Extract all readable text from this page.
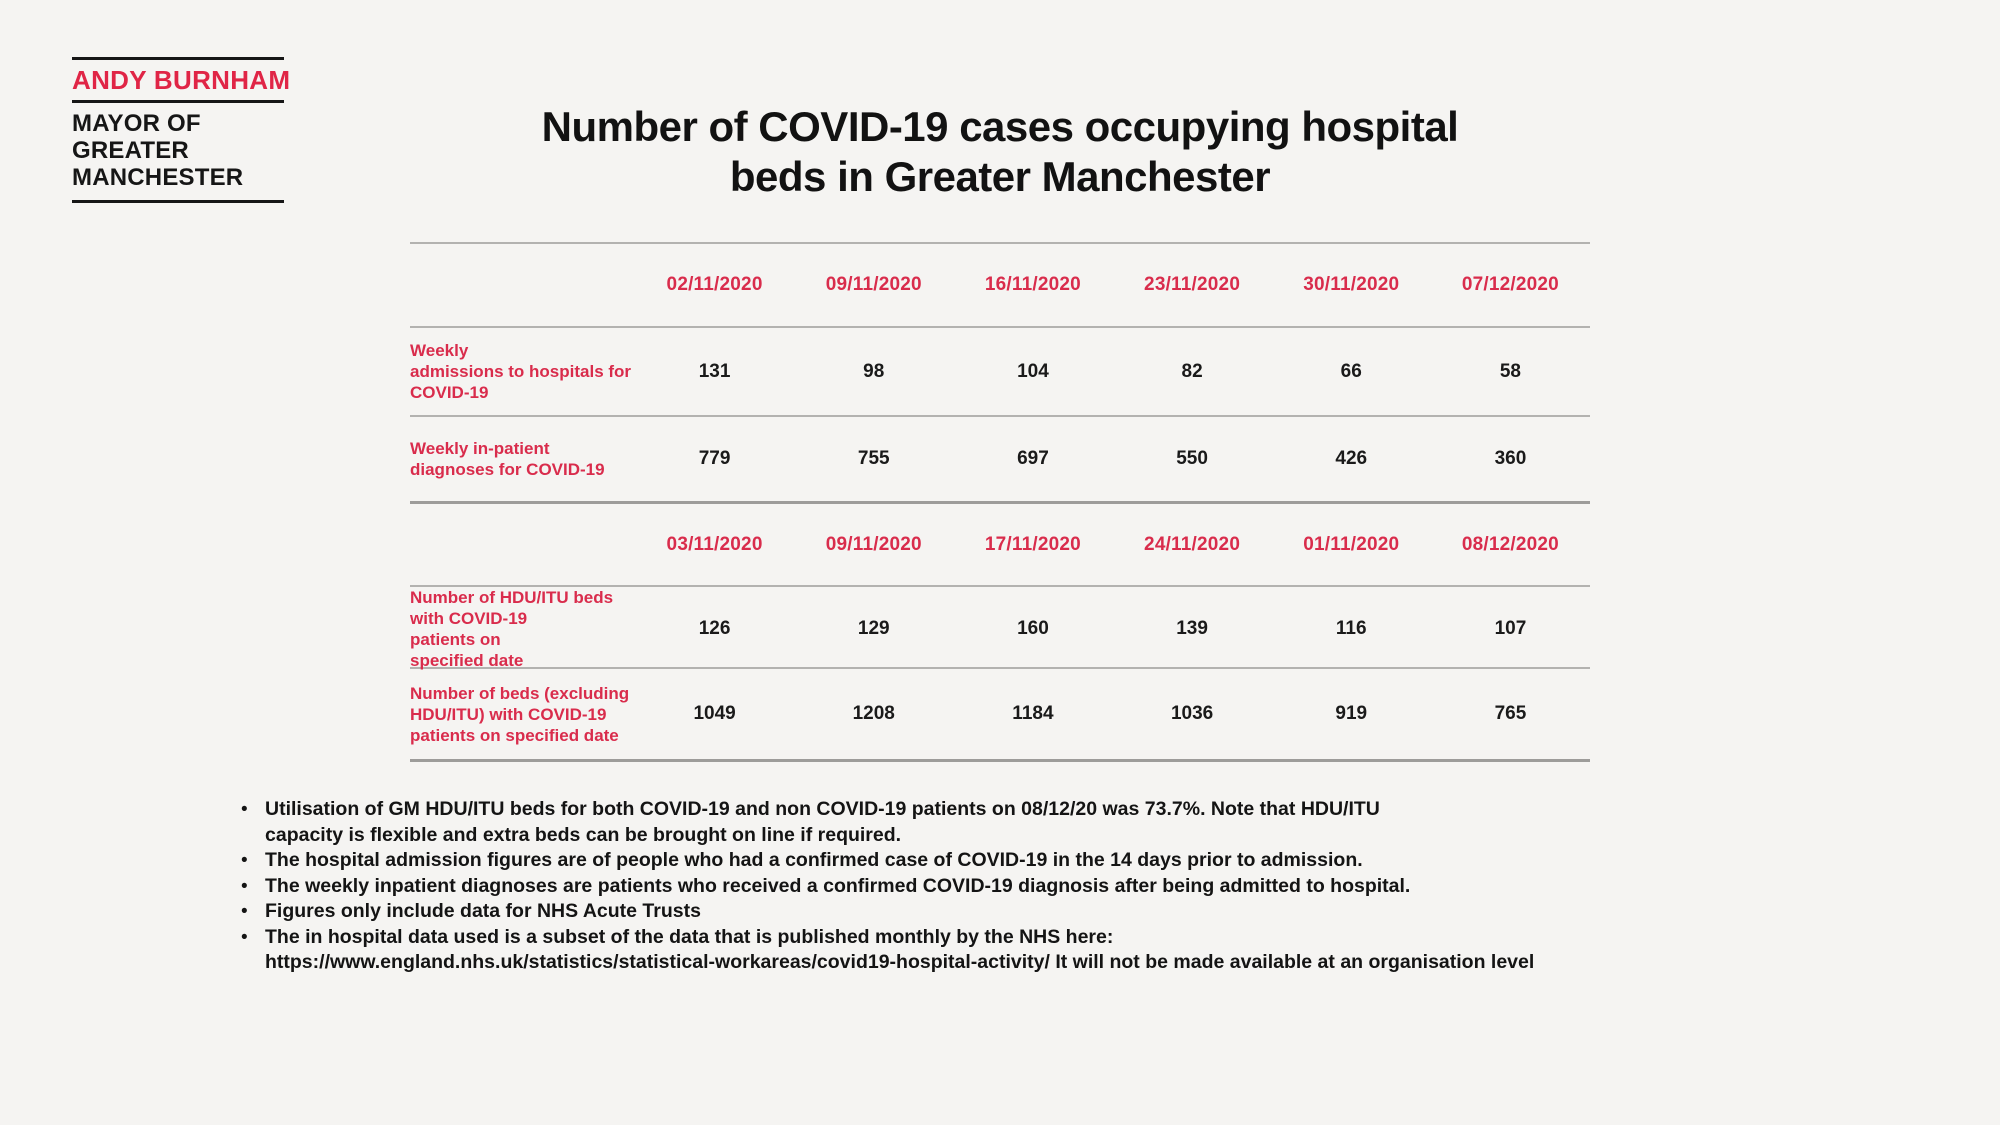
ANDY BURNHAM
MAYOR OF
GREATER
MANCHESTER
Number of COVID-19 cases occupying hospital
beds in Greater Manchester
02/11/2020	09/11/2020	16/11/2020	23/11/2020	30/11/2020	07/12/2020
Weekly
admissions to hospitals for
COVID-19
131	98	104	82	66	58
Weekly in-patient
diagnoses for COVID-19
779	755	697	550	426	360
03/11/2020	09/11/2020	17/11/2020	24/11/2020	01/11/2020	08/12/2020
Number of HDU/ITU beds
with COVID-19
patients on
specified date
126	129	160	139	116	107
Number of beds (excluding
HDU/ITU) with COVID-19
patients on specified date
1049	1208	1184	1036	919	765
• Utilisation of GM HDU/ITU beds for both COVID-19 and non COVID-19 patients on 08/12/20 was 73.7%. Note that HDU/ITU
capacity is flexible and extra beds can be brought on line if required.
• The hospital admission figures are of people who had a confirmed case of COVID-19 in the 14 days prior to admission.
• The weekly inpatient diagnoses are patients who received a confirmed COVID-19 diagnosis after being admitted to hospital.
• Figures only include data for NHS Acute Trusts
• The in hospital data used is a subset of the data that is published monthly by the NHS here:
https://www.england.nhs.uk/statistics/statistical-workareas/covid19-hospital-activity/ It will not be made available at an organisation level
